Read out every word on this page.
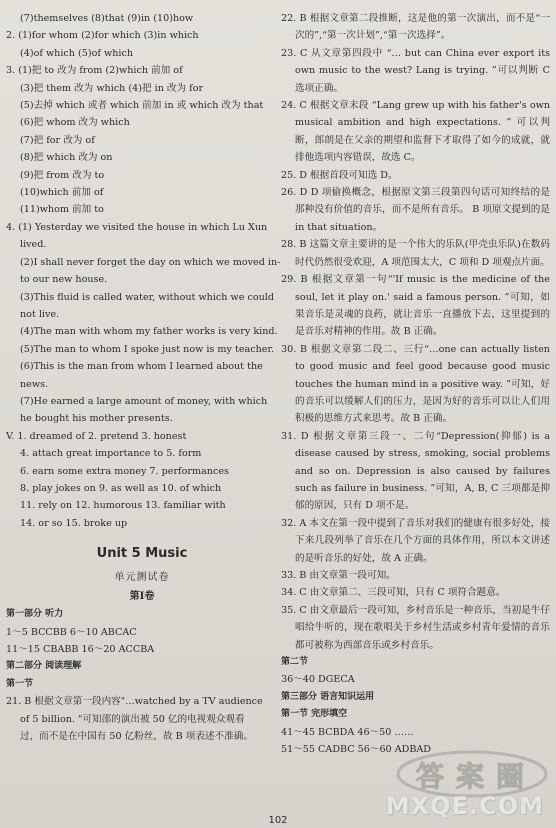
(7)themselves (8)that (9)in (10)how
2. (1)for whom (2)for which (3)in which
(4)of which (5)of which
3. (1)把 to 改为 from (2)which 前加 of
(3)把 them 改为 which (4)把 in 改为 for
(5)去掉 which 或者 which 前加 in 或 which 改为 that
(6)把 whom 改为 which
(7)把 for 改为 of
(8)把 which 改为 on
(9)把 from 改为 to
(10)which 前加 of
(11)whom 前加 to
4. (1) Yesterday we visited the house in which Lu Xun
lived.
(2)I shall never forget the day on which we moved in-
to our new house.
(3)This fluid is called water, without which we could
not live.
(4)The man with whom my father works is very kind.
(5)The man to whom I spoke just now is my teacher.
(6)This is the man from whom I learned about the
news.
(7)He earned a large amount of money, with which
he bought his mother presents.
V. 1. dreamed of 2. pretend 3. honest
4. attach great importance to 5. form
6. earn some extra money 7. performances
8. play jokes on 9. as well as 10. of which
11. rely on 12. humorous 13. familiar with
14. or so 15. broke up
Unit 5 Music
单元测试卷
第Ⅰ卷
第一部分 听力
1～5 BCCBB 6～10 ABCAC
11～15 CBABB 16～20 ACCBA
第二部分 阅读理解
第一节
21. B 根据文章第一段内容"…watched by a TV audience
of 5 billion. "可知邵的演出被 50 亿的电视观众观看
过，而不是在中国有 50 亿粉丝，故 B 项表述不准确。
22. B 根据文章第二段推断，这是他的第一次演出，而不是“一次的”,“第一次计划”,“第一次选择”。
23. C 从文章第四段中 “… but can China ever export its own music to the west? Lang is trying. ”可以判断 C 选项正确。
24. C 根据文章末段 “Lang grew up with his father's own musical ambition and high expectations. ” 可以判断，郎朗是在父亲的期望和监督下才取得了如今的成就，就排他选项内容错误，故选 C。
25. D 根据首段可知选 D。
26. D D 项偷换概念，根据原文第三段第四句话可知终结的是那种没有价值的音乐，而不是所有音乐。 B 项原文提到的是 in that situation。
28. B 这篇文章主要讲的是一个伟大的乐队(甲壳虫乐队)在数码时代仍然很受欢迎，A 项范围太大，C 项和 D 项观点片面。
29. B 根据文章第一句“'If music is the medicine of the soul, let it play on.' said a famous person. ”可知，如果音乐是灵魂的良药，就让音乐一直播放下去，这里提到的是音乐对精神的作用。故 B 正确。
30. B 根据文章第二段二、三行“…one can actually listen to good music and feel good because good music touches the human mind in a positive way. ”可知，好的音乐可以缓解人们的压力，是因为好的音乐可以让人们用积极的思维方式来思考。故 B 正确。
31. D 根据文章第三段一、二句“Depression(抑郁) is a disease caused by stress, smoking, social problems and so on. Depression is also caused by failures such as failure in business. ”可知，A, B, C 三项都是抑郁的原因，只有 D 项不是。
32. A 本文在第一段中提到了音乐对我们的健康有很多好处，接下来几段列举了音乐在几个方面的具体作用，所以本文讲述的是听音乐的好处，故 A 正确。
33. B 由文章第一段可知。
34. C 由文章第二、三段可知，只有 C 项符合题意。
35. C 由文章最后一段可知，乡村音乐是一种音乐，当初是牛仔唱给牛听的，现在歌唱关于乡村生活或乡村青年爱情的音乐都可被称为西部音乐或乡村音乐。
第二节
36～40 DGECA
第三部分 语言知识运用
第一节 完形填空
41～45 BCBDA 46～50 ……
51～55 CADBC 56～60 ADBAD
答 案 圈
MXQE.COM
102
